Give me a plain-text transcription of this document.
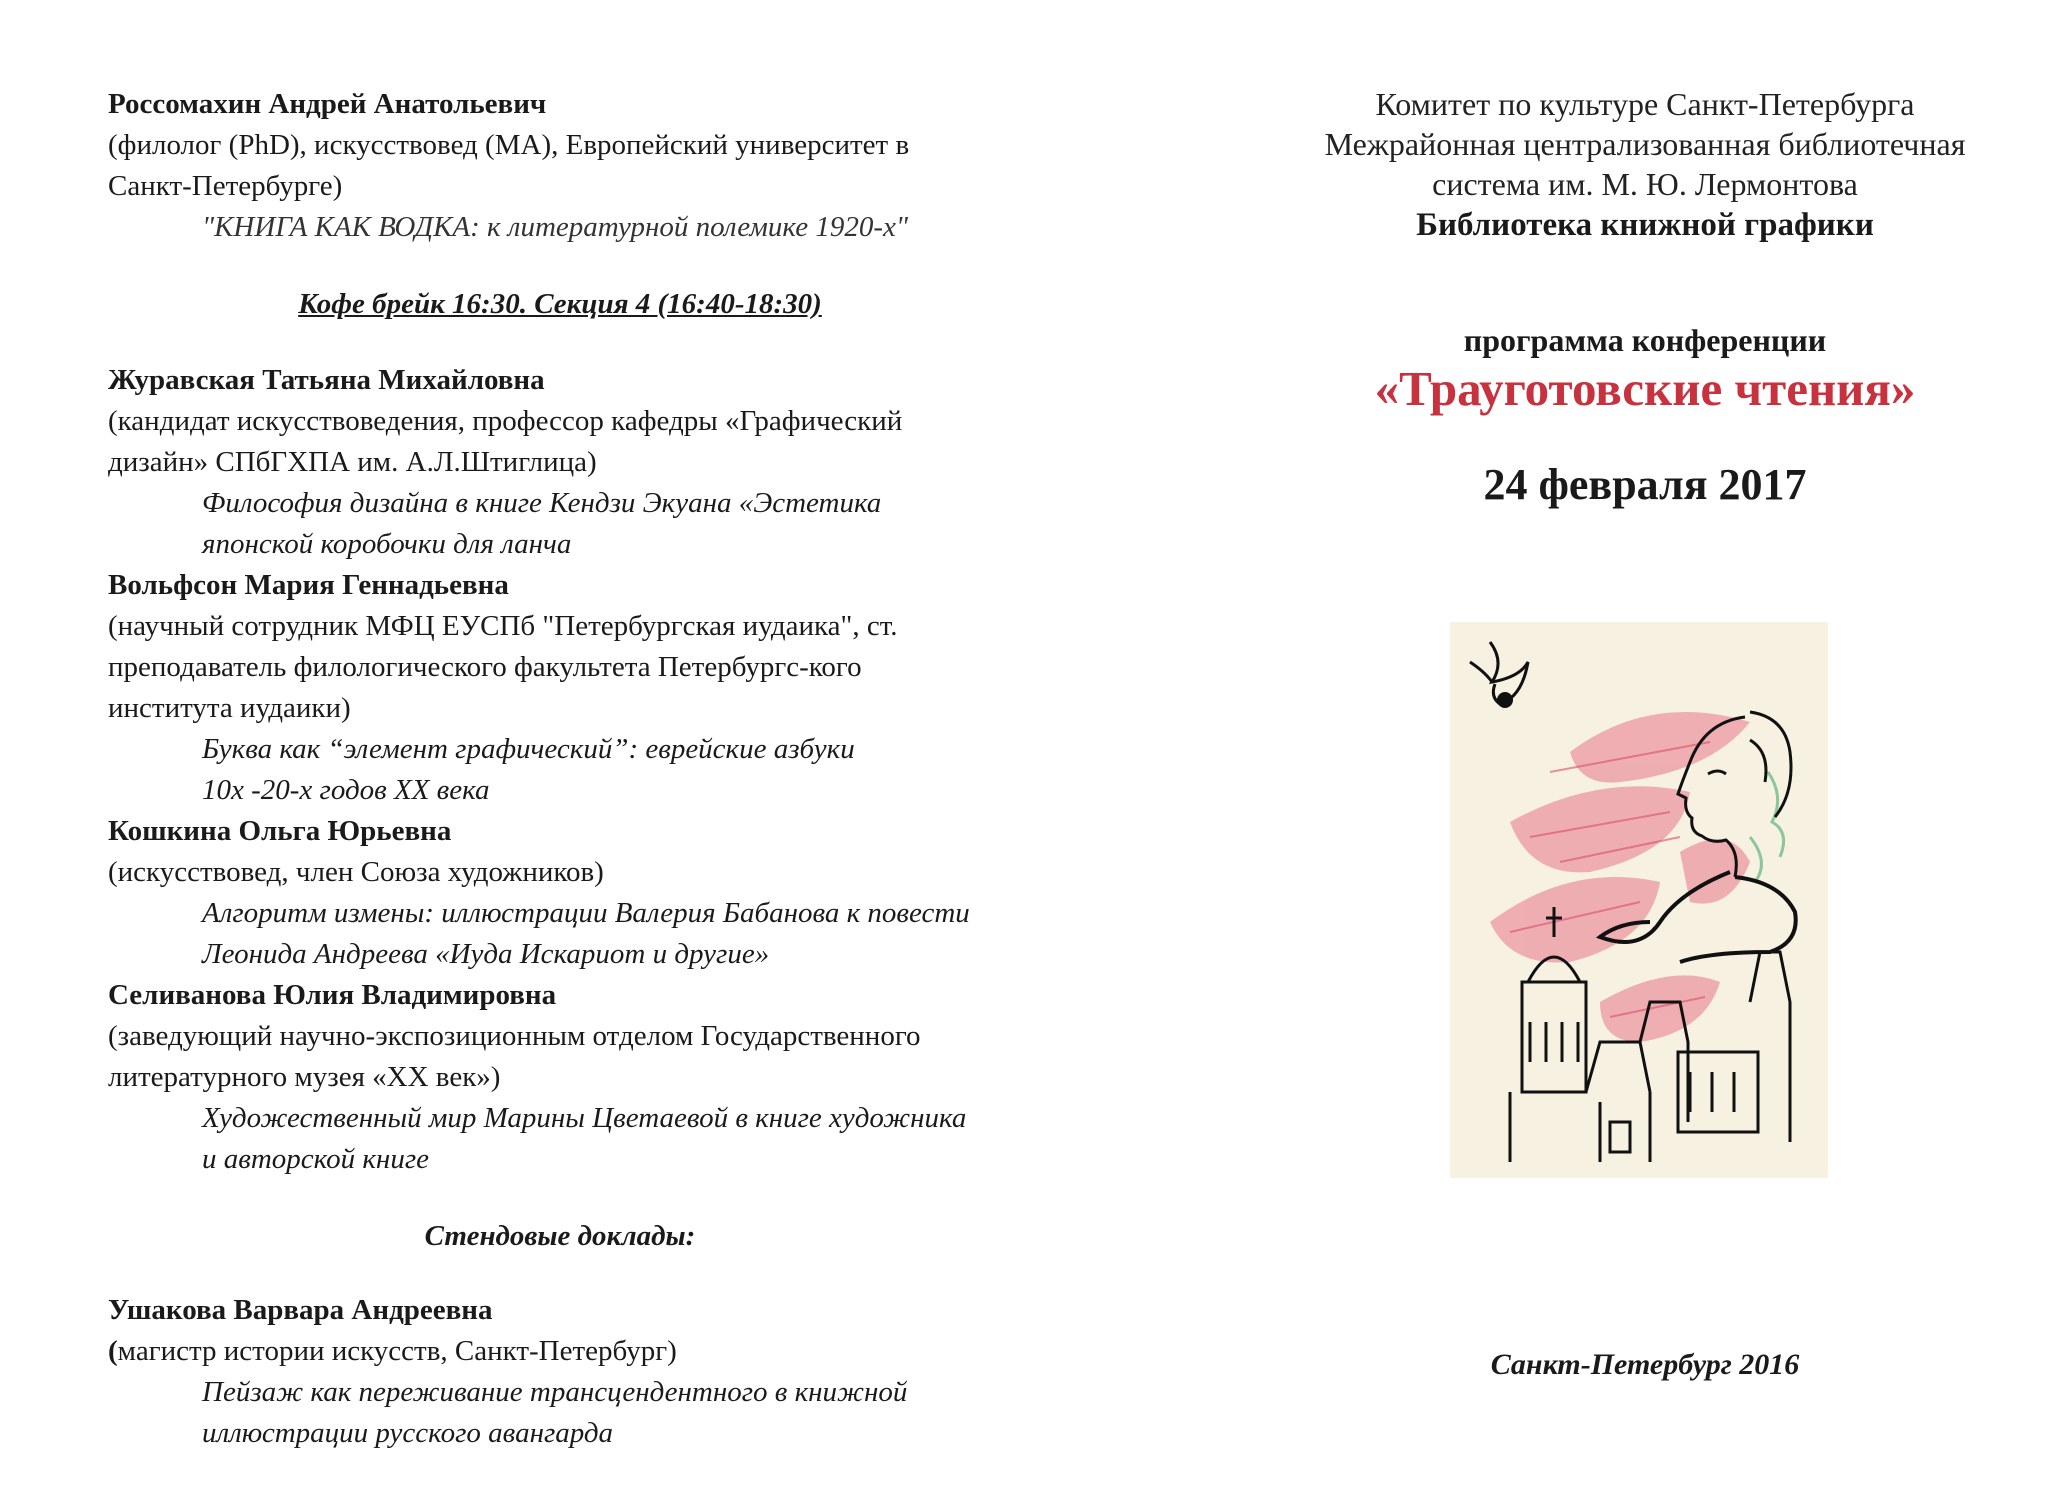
Россомахин Андрей Анатольевич
(филолог (PhD), искусствовед (MA), Европейский университет в
Санкт-Петербурге)
"КНИГА КАК ВОДКА: к литературной полемике 1920-х"
Кофе брейк 16:30. Секция 4 (16:40-18:30)
Журавская Татьяна Михайловна
(кандидат искусствоведения, профессор кафедры «Графический
дизайн» СПбГХПА им. А.Л.Штиглица)
Философия дизайна в книге Кендзи Экуана «Эстетика
японской коробочки для ланча
Вольфсон Мария Геннадьевна
(научный сотрудник МФЦ ЕУСПб "Петербургская иудаика", ст.
преподаватель филологического факультета Петербургс-кого
института иудаики)
Буква как “элемент графический”: еврейские азбуки
10х -20-х годов ХХ века
Кошкина Ольга Юрьевна
(искусствовед, член Союза художников)
Алгоритм измены: иллюстрации Валерия Бабанова к повести
Леонида Андреева «Иуда Искариот и другие»
Селиванова Юлия Владимировна
(заведующий научно-экспозиционным отделом Государственного
литературного музея «ХХ век»)
Художественный мир Марины Цветаевой в книге художника
и авторской книге
Стендовые доклады:
Ушакова Варвара Андреевна
(магистр истории искусств, Санкт-Петербург)
Пейзаж как переживание трансцендентного в книжной
иллюстрации русского авангарда
Комитет по культуре Санкт-Петербурга
Межрайонная централизованная библиотечная
система им. М. Ю. Лермонтова
Библиотека книжной графики
программа конференции
«Трауготовские чтения»
24 февраля 2017
Санкт-Петербург 2016
